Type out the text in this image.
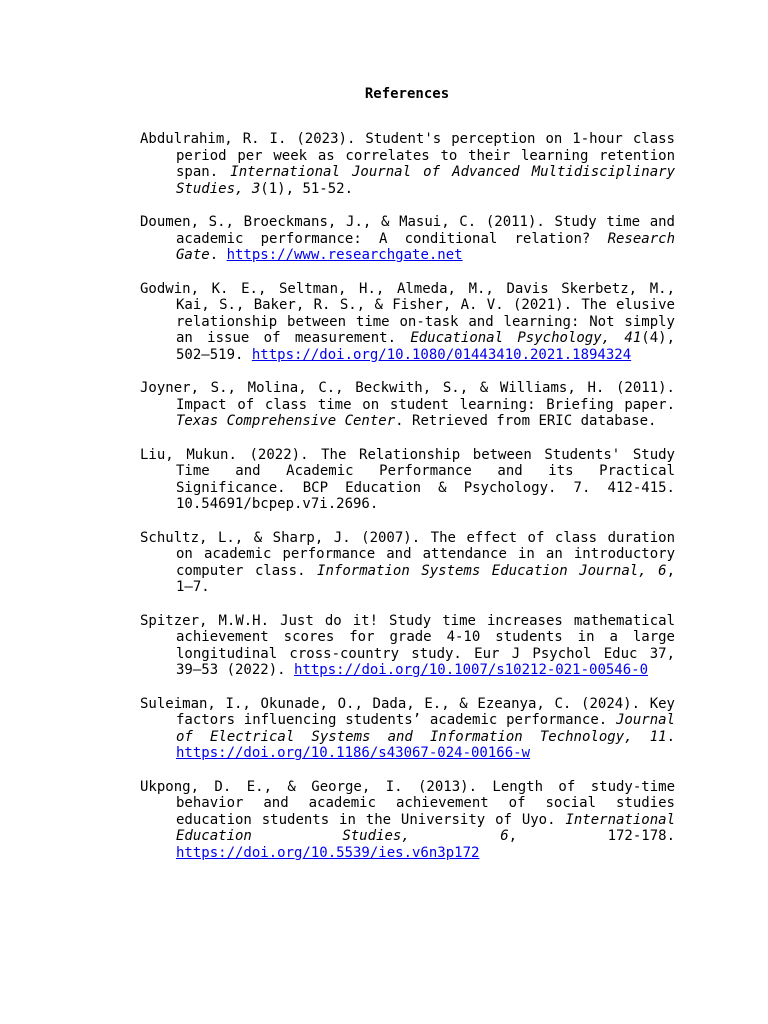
References

Abdulrahim, R. I. (2023). Student's perception on 1-hour class period per week as correlates to their learning retention span. International Journal of Advanced Multidisciplinary Studies, 3(1), 51-52.

Doumen, S., Broeckmans, J., & Masui, C. (2011). Study time and academic performance: A conditional relation? Research Gate. https://www.researchgate.net

Godwin, K. E., Seltman, H., Almeda, M., Davis Skerbetz, M., Kai, S., Baker, R. S., & Fisher, A. V. (2021). The elusive relationship between time on-task and learning: Not simply an issue of measurement. Educational Psychology, 41(4), 502–519. https://doi.org/10.1080/01443410.2021.1894324

Joyner, S., Molina, C., Beckwith, S., & Williams, H. (2011). Impact of class time on student learning: Briefing paper. Texas Comprehensive Center. Retrieved from ERIC database.

Liu, Mukun. (2022). The Relationship between Students' Study Time and Academic Performance and its Practical Significance. BCP Education & Psychology. 7. 412-415. 10.54691/bcpep.v7i.2696.

Schultz, L., & Sharp, J. (2007). The effect of class duration on academic performance and attendance in an introductory computer class. Information Systems Education Journal, 6, 1–7.

Spitzer, M.W.H. Just do it! Study time increases mathematical achievement scores for grade 4-10 students in a large longitudinal cross-country study. Eur J Psychol Educ 37, 39–53 (2022). https://doi.org/10.1007/s10212-021-00546-0

Suleiman, I., Okunade, O., Dada, E., & Ezeanya, C. (2024). Key factors influencing students’ academic performance. Journal of Electrical Systems and Information Technology, 11. https://doi.org/10.1186/s43067-024-00166-w

Ukpong, D. E., & George, I. (2013). Length of study-time behavior and academic achievement of social studies education students in the University of Uyo. International Education Studies, 6, 172-178. https://doi.org/10.5539/ies.v6n3p172
